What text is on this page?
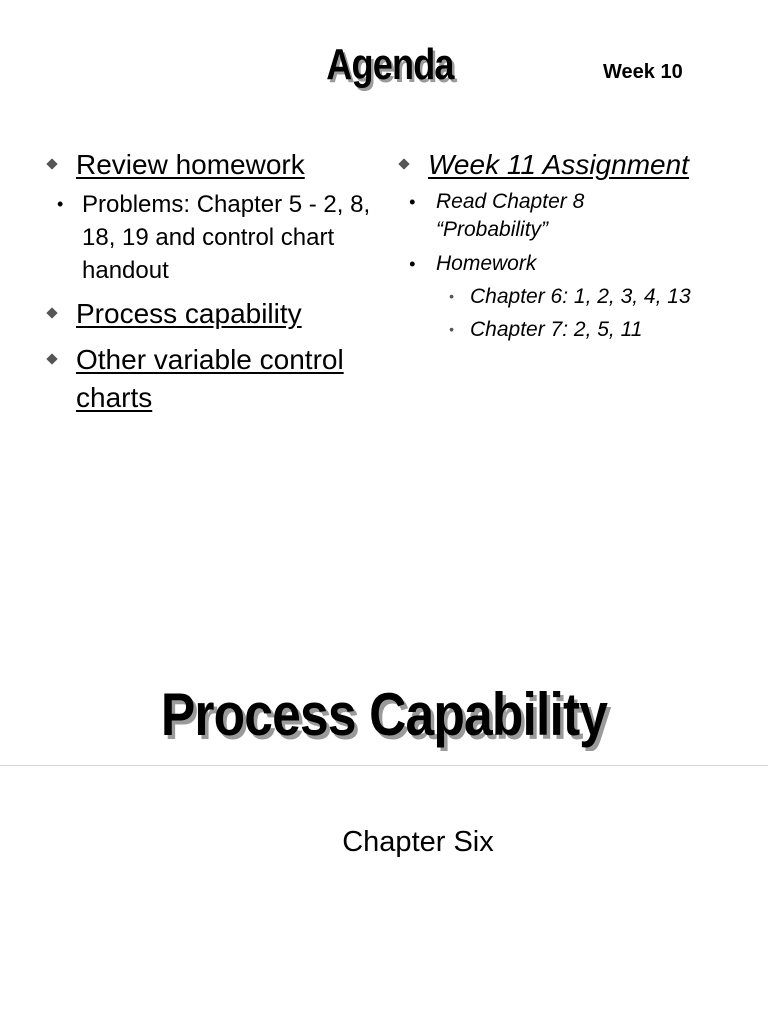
Agenda	Week 10
Review homework
• Problems: Chapter 5 - 2, 8, 18, 19 and control chart handout
Process capability
Other variable control charts
Week 11 Assignment
• Read Chapter 8 “Probability”
• Homework
• Chapter 6: 1, 2, 3, 4, 13
• Chapter 7: 2, 5, 11
Process Capability
Chapter Six
